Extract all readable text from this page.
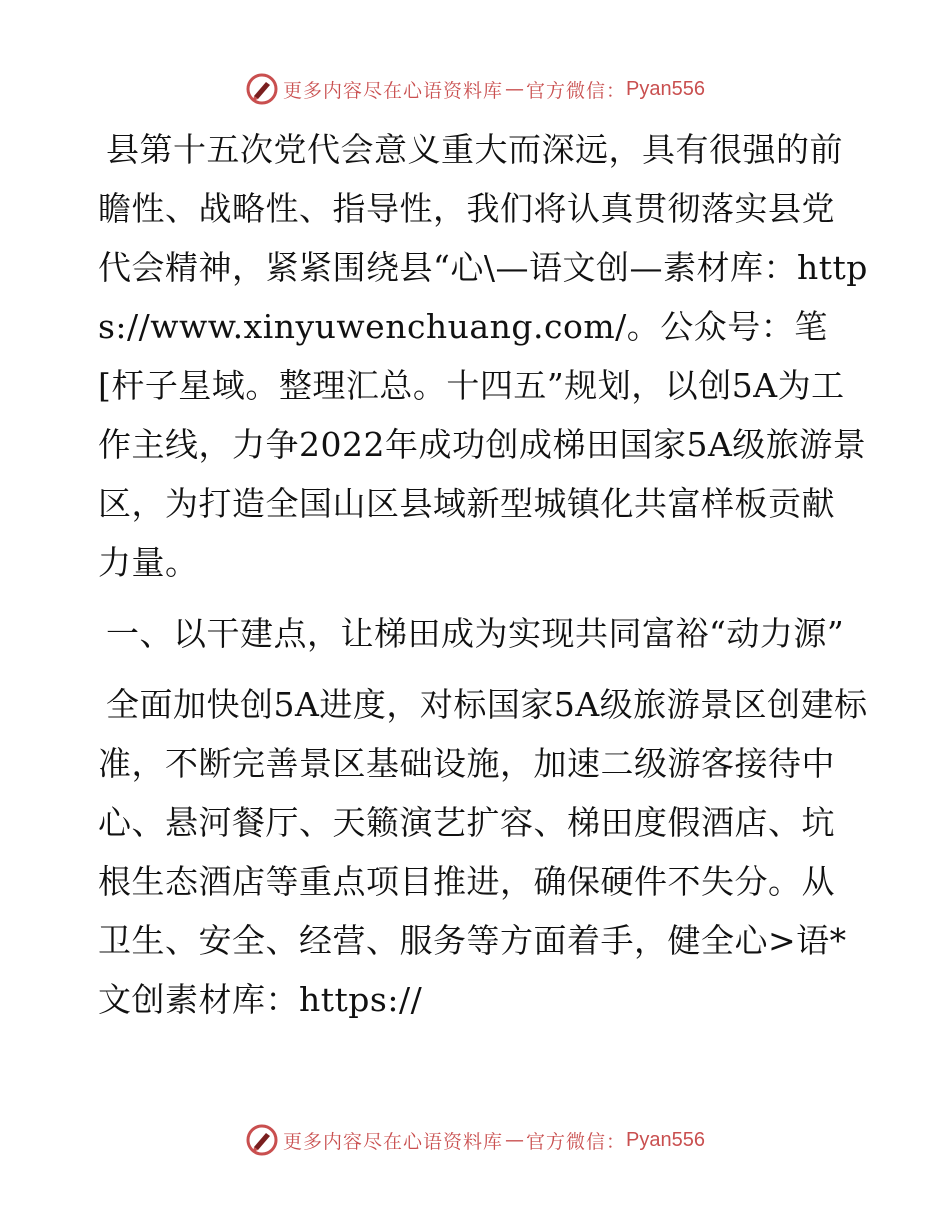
更多内容尽在心语资料库 — 官方微信： Pyan556

县第十五次党代会意义重大而深远，具有很强的前瞻性、战略性、指导性，我们将认真贯彻落实县党代会精神，紧紧围绕县“心\—语文创—素材库：https://www.xinyuwenchuang.com/。公众号：笔[杆子星域。整理汇总。十四五”规划，以创5A为工作主线，力争2022年成功创成梯田国家5A级旅游景区，为打造全国山区县域新型城镇化共富样板贡献力量。

一、以干建点，让梯田成为实现共同富裕“动力源”

全面加快创5A进度，对标国家5A级旅游景区创建标准，不断完善景区基础设施，加速二级游客接待中心、悬河餐厅、天籁演艺扩容、梯田度假酒店、坑根生态酒店等重点项目推进，确保硬件不失分。从卫生、安全、经营、服务等方面着手，健全心>语*文创素材库：https://

更多内容尽在心语资料库 — 官方微信： Pyan556
